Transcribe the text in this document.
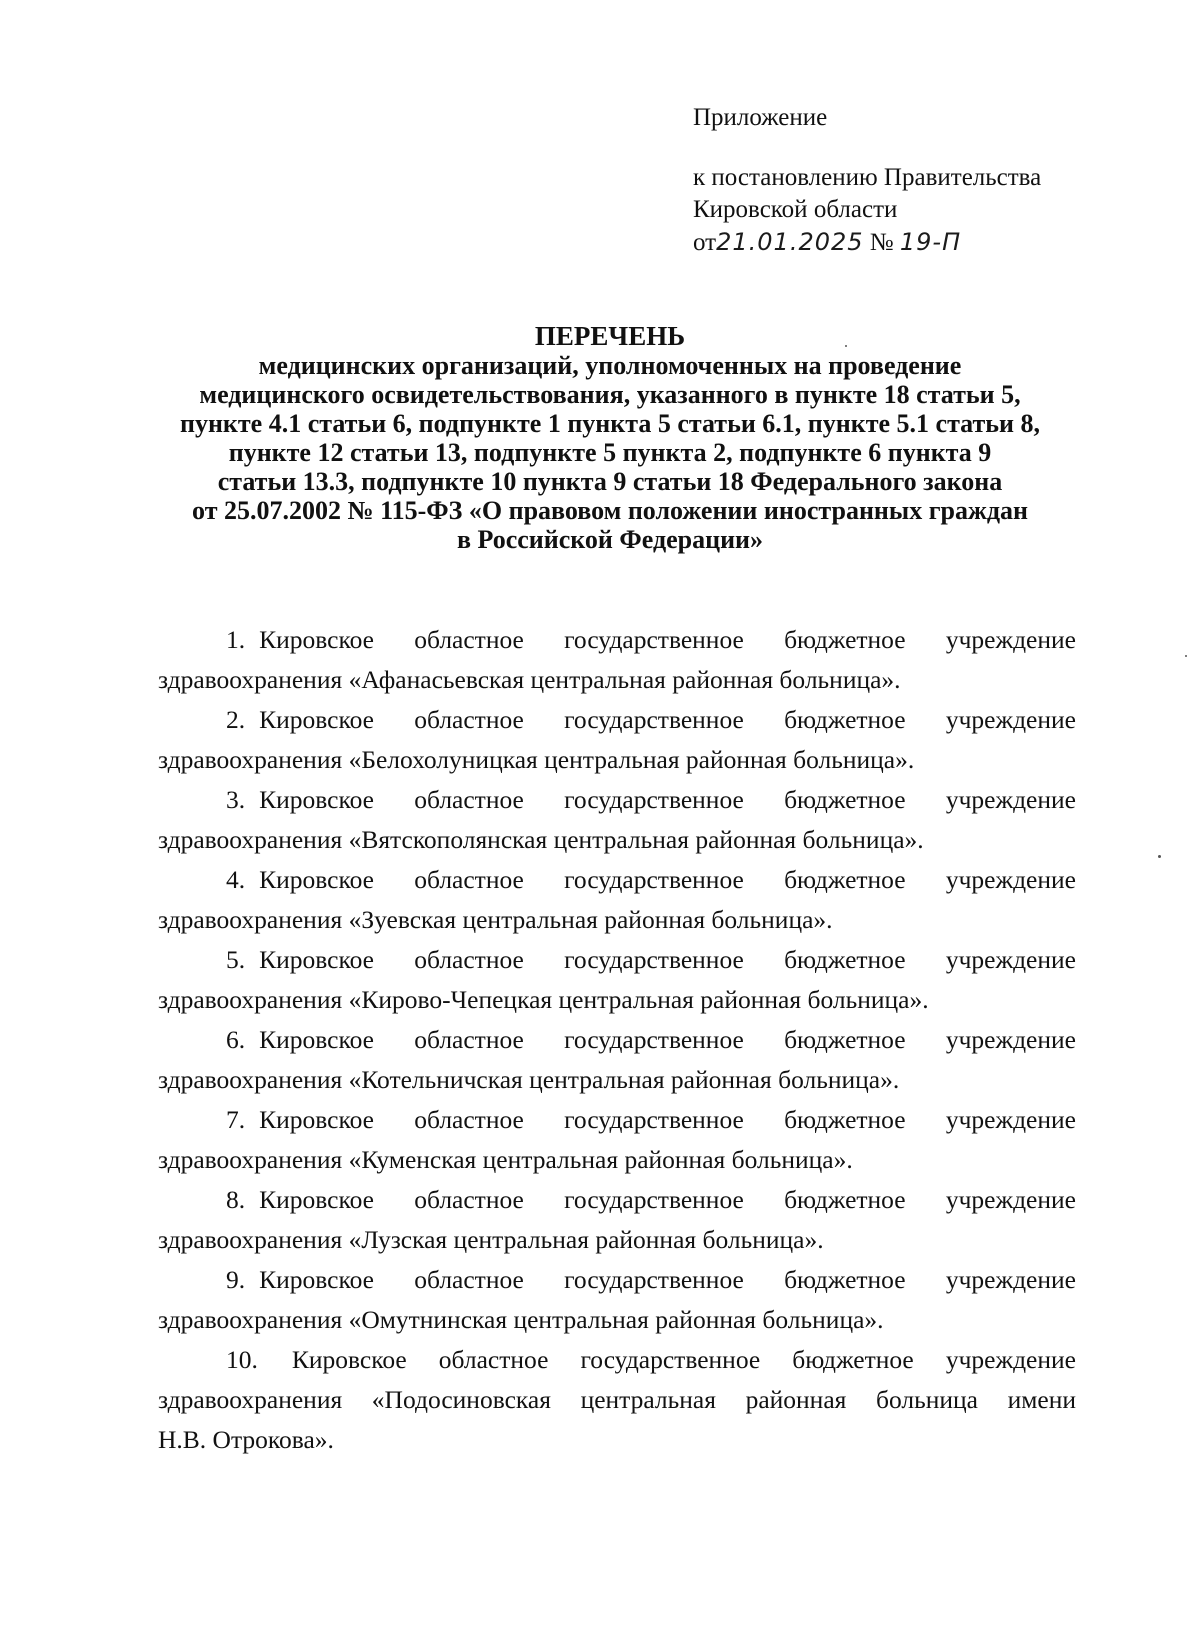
Приложение
к постановлению Правительства
Кировской области
от21.01.2025 № 19-П
ПЕРЕЧЕНЬ
медицинских организаций, уполномоченных на проведение
медицинского освидетельствования, указанного в пункте 18 статьи 5,
пункте 4.1 статьи 6, подпункте 1 пункта 5 статьи 6.1, пункте 5.1 статьи 8,
пункте 12 статьи 13, подпункте 5 пункта 2, подпункте 6 пункта 9
статьи 13.3, подпункте 10 пункта 9 статьи 18 Федерального закона
от 25.07.2002 № 115-ФЗ «О правовом положении иностранных граждан
в Российской Федерации»
1. Кировское областное государственное бюджетное учреждение
здравоохранения «Афанасьевская центральная районная больница».
2. Кировское областное государственное бюджетное учреждение
здравоохранения «Белохолуницкая центральная районная больница».
3. Кировское областное государственное бюджетное учреждение
здравоохранения «Вятскополянская центральная районная больница».
4. Кировское областное государственное бюджетное учреждение
здравоохранения «Зуевская центральная районная больница».
5. Кировское областное государственное бюджетное учреждение
здравоохранения «Кирово-Чепецкая центральная районная больница».
6. Кировское областное государственное бюджетное учреждение
здравоохранения «Котельничская центральная районная больница».
7. Кировское областное государственное бюджетное учреждение
здравоохранения «Куменская центральная районная больница».
8. Кировское областное государственное бюджетное учреждение
здравоохранения «Лузская центральная районная больница».
9. Кировское областное государственное бюджетное учреждение
здравоохранения «Омутнинская центральная районная больница».
10. Кировское областное государственное бюджетное учреждение
здравоохранения «Подосиновская центральная районная больница имени
Н.В. Отрокова».
